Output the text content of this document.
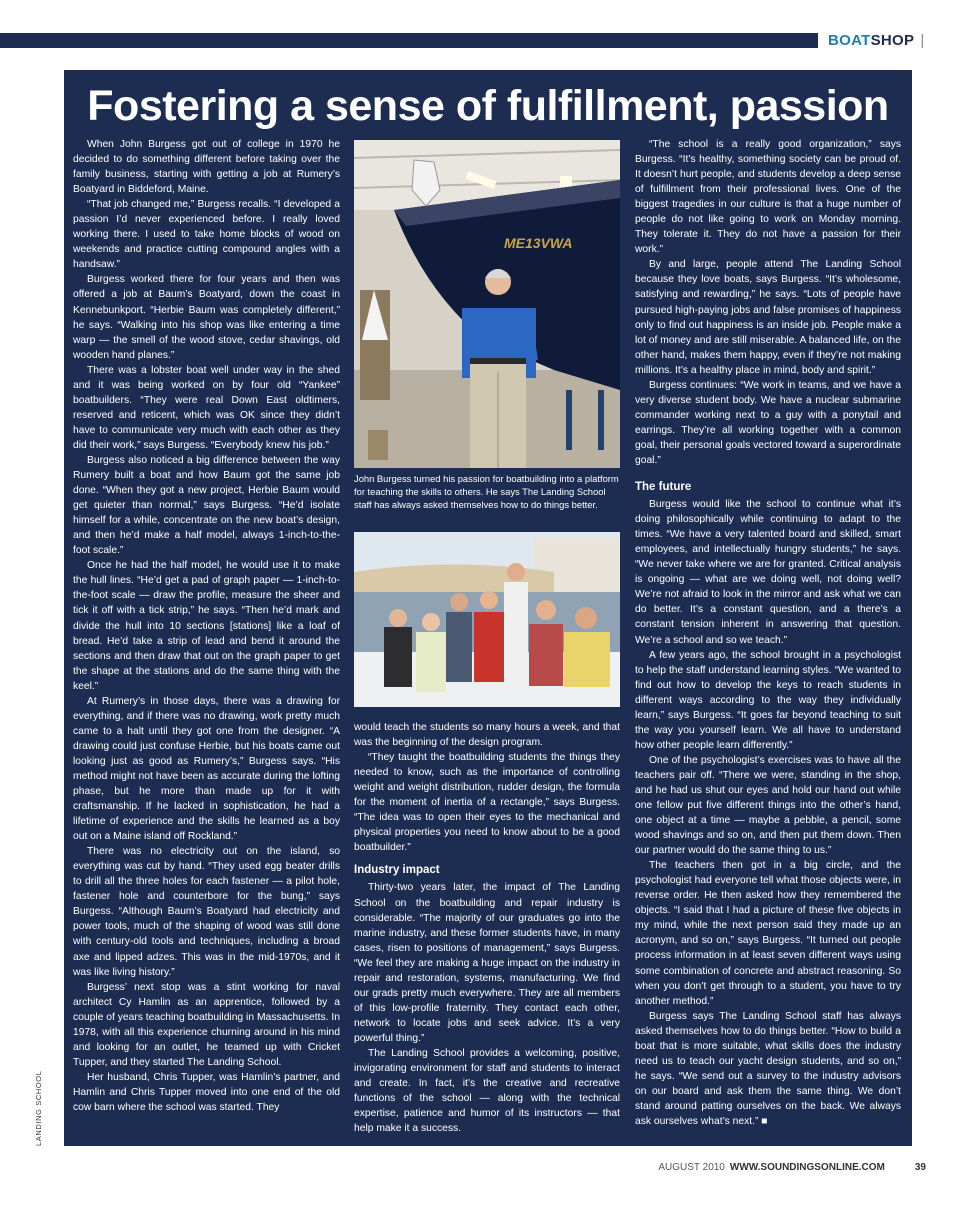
BOATSHOP |
Fostering a sense of fulfillment, passion

When John Burgess got out of college in 1970 he decided to do something different before taking over the family business, starting with getting a job at Rumery’s Boatyard in Biddeford, Maine.

“That job changed me,” Burgess recalls. “I developed a passion I’d never experienced before. I really loved working there. I used to take home blocks of wood on weekends and practice cutting compound angles with a handsaw.”

Burgess worked there for four years and then was offered a job at Baum’s Boatyard, down the coast in Kennebunkport. “Herbie Baum was completely different,” he says. “Walking into his shop was like entering a time warp — the smell of the wood stove, cedar shavings, old wooden hand planes.”

There was a lobster boat well under way in the shed and it was being worked on by four old “Yankee” boatbuilders. “They were real Down East oldtimers, reserved and reticent, which was OK since they didn’t have to communicate very much with each other as they did their work,” says Burgess. “Everybody knew his job.”

Burgess also noticed a big difference between the way Rumery built a boat and how Baum got the same job done. “When they got a new project, Herbie Baum would get quieter than normal,” says Burgess. “He’d isolate himself for a while, concentrate on the new boat’s design, and then he’d make a half model, always 1-inch-to-the-foot scale.”

Once he had the half model, he would use it to make the hull lines. “He’d get a pad of graph paper — 1-inch-to-the-foot scale — draw the profile, measure the sheer and tick it off with a tick strip,” he says. “Then he’d mark and divide the hull into 10 sections [stations] like a loaf of bread. He’d take a strip of lead and bend it around the sections and then draw that out on the graph paper to get the shape at the stations and do the same thing with the keel.”

At Rumery’s in those days, there was a drawing for everything, and if there was no drawing, work pretty much came to a halt until they got one from the designer. “A drawing could just confuse Herbie, but his boats came out looking just as good as Rumery’s,” Burgess says. “His method might not have been as accurate during the lofting phase, but he more than made up for it with craftsmanship. If he lacked in sophistication, he had a lifetime of experience and the skills he learned as a boy out on a Maine island off Rockland.”

There was no electricity out on the island, so everything was cut by hand. “They used egg beater drills to drill all the three holes for each fastener — a pilot hole, fastener hole and counterbore for the bung,” says Burgess. “Although Baum’s Boatyard had electricity and power tools, much of the shaping of wood was still done with century-old tools and techniques, including a broad axe and lipped adzes. This was in the mid-1970s, and it was like living history.”

Burgess’ next stop was a stint working for naval architect Cy Hamlin as an apprentice, followed by a couple of years teaching boatbuilding in Massachusetts. In 1978, with all this experience churning around in his mind and looking for an outlet, he teamed up with Cricket Tupper, and they started The Landing School.

Her husband, Chris Tupper, was Hamlin’s partner, and Hamlin and Chris Tupper moved into one end of the old cow barn where the school was started. They

ME13VWA

John Burgess turned his passion for boatbuilding into a platform for teaching the skills to others. He says The Landing School staff has always asked themselves how to do things better.

would teach the students so many hours a week, and that was the beginning of the design program.

“They taught the boatbuilding students the things they needed to know, such as the importance of controlling weight and weight distribution, rudder design, the formula for the moment of inertia of a rectangle,” says Burgess. “The idea was to open their eyes to the mechanical and physical properties you need to know about to be a good boatbuilder.”

Industry impact

Thirty-two years later, the impact of The Landing School on the boatbuilding and repair industry is considerable. “The majority of our graduates go into the marine industry, and these former students have, in many cases, risen to positions of management,” says Burgess. “We feel they are making a huge impact on the industry in repair and restoration, systems, manufacturing. We find our grads pretty much everywhere. They are all members of this low-profile fraternity. They contact each other, network to locate jobs and seek advice. It’s a very powerful thing.”

The Landing School provides a welcoming, positive, invigorating environment for staff and students to interact and create. In fact, it’s the creative and recreative functions of the school — along with the technical expertise, patience and humor of its instructors — that help make it a success.

“The school is a really good organization,” says Burgess. “It’s healthy, something society can be proud of. It doesn’t hurt people, and students develop a deep sense of fulfillment from their professional lives. One of the biggest tragedies in our culture is that a huge number of people do not like going to work on Monday morning. They tolerate it. They do not have a passion for their work.”

By and large, people attend The Landing School because they love boats, says Burgess. “It’s wholesome, satisfying and rewarding,” he says. “Lots of people have pursued high-paying jobs and false promises of happiness only to find out happiness is an inside job. People make a lot of money and are still miserable. A balanced life, on the other hand, makes them happy, even if they’re not making millions. It’s a healthy place in mind, body and spirit.”

Burgess continues: “We work in teams, and we have a very diverse student body. We have a nuclear submarine commander working next to a guy with a ponytail and earrings. They’re all working together with a common goal, their personal goals vectored toward a superordinate goal.”

The future

Burgess would like the school to continue what it’s doing philosophically while continuing to adapt to the times. “We have a very talented board and skilled, smart employees, and intellectually hungry students,” he says. “We never take where we are for granted. Critical analysis is ongoing — what are we doing well, not doing well? We’re not afraid to look in the mirror and ask what we can do better. It’s a constant question, and a there’s a constant tension inherent in answering that question. We’re a school and so we teach.”

A few years ago, the school brought in a psychologist to help the staff understand learning styles. “We wanted to find out how to develop the keys to reach students in different ways according to the way they individually learn,” says Burgess. “It goes far beyond teaching to suit the way you yourself learn. We all have to understand how other people learn differently.”

One of the psychologist’s exercises was to have all the teachers pair off. “There we were, standing in the shop, and he had us shut our eyes and hold our hand out while one fellow put five different things into the other’s hand, one object at a time — maybe a pebble, a pencil, some wood shavings and so on, and then put them down. Then our partner would do the same thing to us.”

The teachers then got in a big circle, and the psychologist had everyone tell what those objects were, in reverse order. He then asked how they remembered the objects. “I said that I had a picture of these five objects in my mind, while the next person said they made up an acronym, and so on,” says Burgess. “It turned out people process information in at least seven different ways using some combination of concrete and abstract reasoning. So when you don’t get through to a student, you have to try another method.”

Burgess says The Landing School staff has always asked themselves how to do things better. “How to build a boat that is more suitable, what skills does the industry need us to teach our yacht design students, and so on,” he says. “We send out a survey to the industry advisors on our board and ask them the same thing. We don’t stand around patting ourselves on the back. We always ask ourselves what’s next.” ■

LANDING SCHOOL
AUGUST 2010 WWW.SOUNDINGSONLINE.COM	39
